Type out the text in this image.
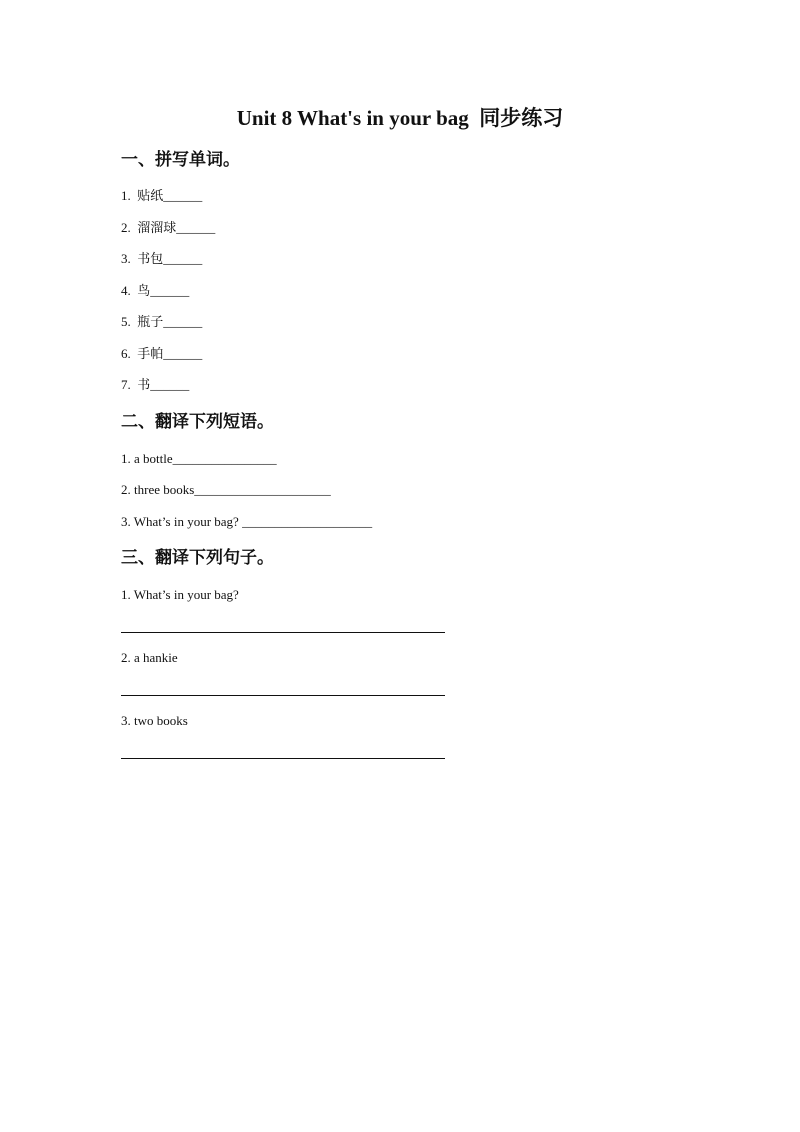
Unit 8 What's in your bag  同步练习
一、拼写单词。
1.  贴纸______
2.  溜溜球______
3.  书包______
4.  鸟______
5.  瓶子______
6.  手帕______
7.  书______
二、翻译下列短语。
1. a bottle________________
2. three books_____________________
3. What’s in your bag? ____________________
三、翻译下列句子。
1. What’s in your bag?
2. a hankie
3. two books
